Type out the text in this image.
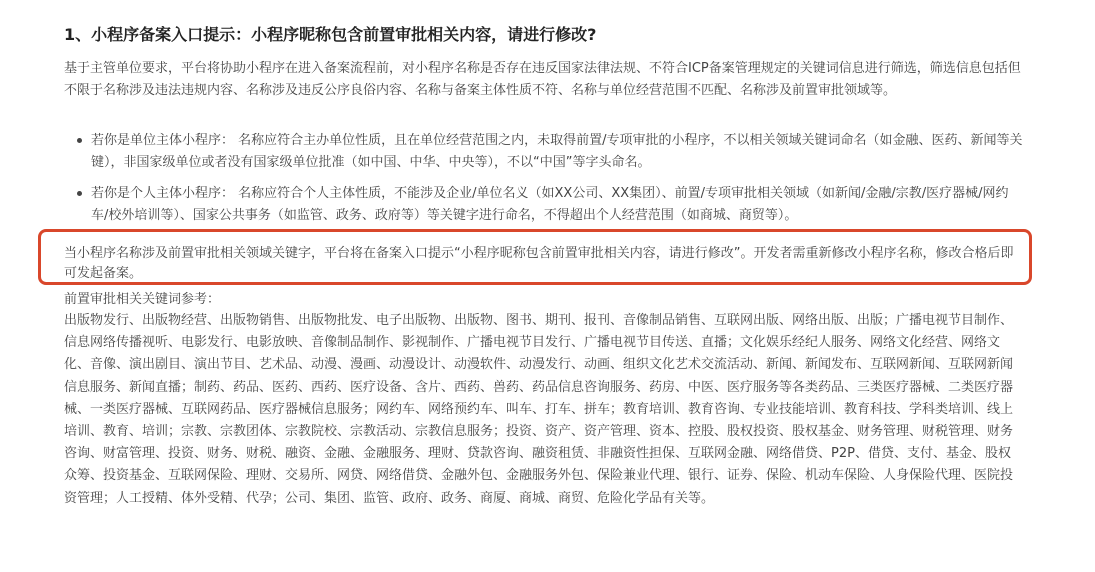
1、小程序备案入口提示：小程序昵称包含前置审批相关内容，请进行修改?
基于主管单位要求，平台将协助小程序在进入备案流程前，对小程序名称是否存在违反国家法律法规、不符合ICP备案管理规定的关键词信息进行筛选，筛选信息包括但不限于名称涉及违法违规内容、名称涉及违反公序良俗内容、名称与备案主体性质不符、名称与单位经营范围不匹配、名称涉及前置审批领域等。
若你是单位主体小程序： 名称应符合主办单位性质，且在单位经营范围之内，未取得前置/专项审批的小程序，不以相关领域关键词命名（如金融、医药、新闻等关键），非国家级单位或者没有国家级单位批准（如中国、中华、中央等），不以“中国”等字头命名。
若你是个人主体小程序： 名称应符合个人主体性质，不能涉及企业/单位名义（如XX公司、XX集团）、前置/专项审批相关领域（如新闻/金融/宗教/医疗器械/网约车/校外培训等）、国家公共事务（如监管、政务、政府等）等关键字进行命名，不得超出个人经营范围（如商城、商贸等）。
当小程序名称涉及前置审批相关领域关键字，平台将在备案入口提示“小程序昵称包含前置审批相关内容，请进行修改”。开发者需重新修改小程序名称，修改合格后即可发起备案。
前置审批相关关键词参考：
出版物发行、出版物经营、出版物销售、出版物批发、电子出版物、出版物、图书、期刊、报刊、音像制品销售、互联网出版、网络出版、出版；广播电视节目制作、信息网络传播视听、电影发行、电影放映、音像制品制作、影视制作、广播电视节目发行、广播电视节目传送、直播；文化娱乐经纪人服务、网络文化经营、网络文化、音像、演出剧目、演出节目、艺术品、动漫、漫画、动漫设计、动漫软件、动漫发行、动画、组织文化艺术交流活动、新闻、新闻发布、互联网新闻、互联网新闻信息服务、新闻直播；制药、药品、医药、西药、医疗设备、含片、西药、兽药、药品信息咨询服务、药房、中医、医疗服务等各类药品、三类医疗器械、二类医疗器械、一类医疗器械、互联网药品、医疗器械信息服务；网约车、网络预约车、叫车、打车、拼车；教育培训、教育咨询、专业技能培训、教育科技、学科类培训、线上培训、教育、培训；宗教、宗教团体、宗教院校、宗教活动、宗教信息服务；投资、资产、资产管理、资本、控股、股权投资、股权基金、财务管理、财税管理、财务咨询、财富管理、投资、财务、财税、融资、金融、金融服务、理财、贷款咨询、融资租赁、非融资性担保、互联网金融、网络借贷、P2P、借贷、支付、基金、股权众筹、投资基金、互联网保险、理财、交易所、网贷、网络借贷、金融外包、金融服务外包、保险兼业代理、银行、证券、保险、机动车保险、人身保险代理、医院投资管理；人工授精、体外受精、代孕；公司、集团、监管、政府、政务、商厦、商城、商贸、危险化学品有关等。
